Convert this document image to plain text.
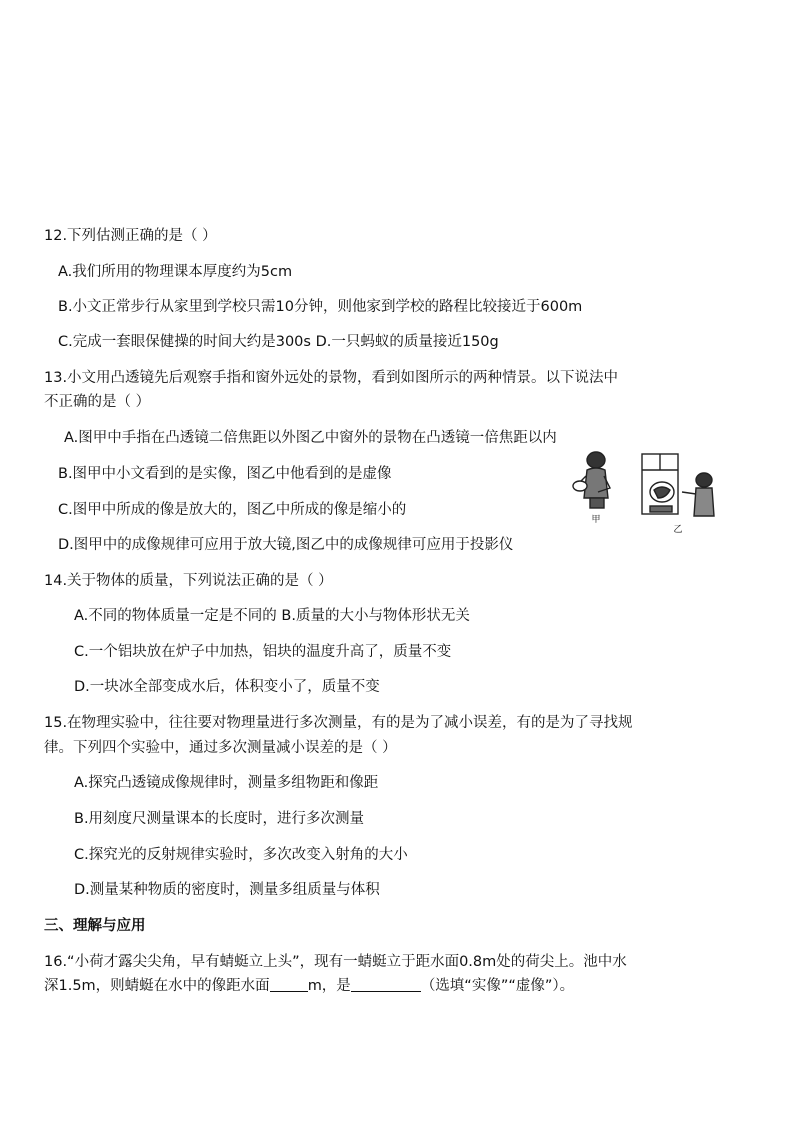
12.下列估测正确的是（ ）
A.我们所用的物理课本厚度约为5cm
B.小文正常步行从家里到学校只需10分钟，则他家到学校的路程比较接近于600m
C.完成一套眼保健操的时间大约是300s D.一只蚂蚁的质量接近150g
13.小文用凸透镜先后观察手指和窗外远处的景物，看到如图所示的两种情景。以下说法中
不正确的是（ ）
A.图甲中手指在凸透镜二倍焦距以外图乙中窗外的景物在凸透镜一倍焦距以内
B.图甲中小文看到的是实像，图乙中他看到的是虚像
C.图甲中所成的像是放大的，图乙中所成的像是缩小的
D.图甲中的成像规律可应用于放大镜,图乙中的成像规律可应用于投影仪
甲
乙
14.关于物体的质量，下列说法正确的是（ ）
A.不同的物体质量一定是不同的 B.质量的大小与物体形状无关
C.一个铝块放在炉子中加热，铝块的温度升高了，质量不变
D.一块冰全部变成水后，体积变小了，质量不变
15.在物理实验中，往往要对物理量进行多次测量，有的是为了减小误差，有的是为了寻找规
律。下列四个实验中，通过多次测量减小误差的是（ ）
A.探究凸透镜成像规律时，测量多组物距和像距
B.用刻度尺测量课本的长度时，进行多次测量
C.探究光的反射规律实验时，多次改变入射角的大小
D.测量某种物质的密度时，测量多组质量与体积
三、理解与应用
16.“小荷才露尖尖角，早有蜻蜓立上头”，现有一蜻蜓立于距水面0.8m处的荷尖上。池中水
深1.5m，则蜻蜓在水中的像距水面	m，是	（选填“实像”“虚像”）。
